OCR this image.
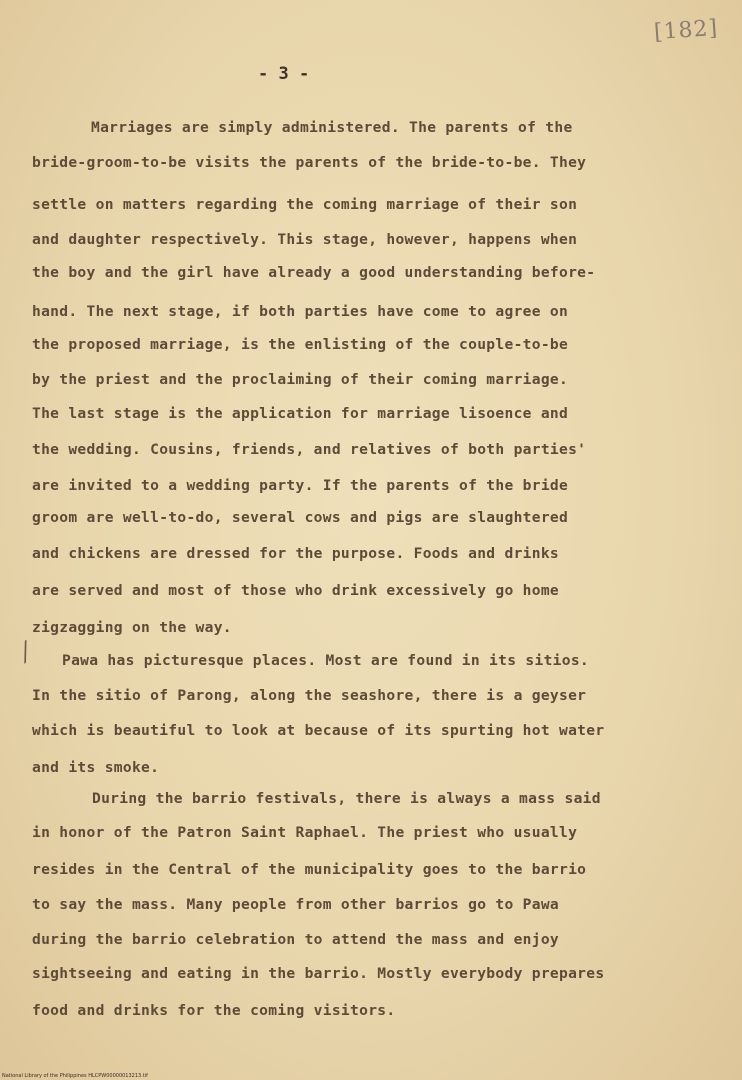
[182]
- 3 -
⁄
Marriages are simply administered. The parents of the
bride-groom-to-be visits the parents of the bride-to-be. They
settle on matters regarding the coming marriage of their son
and daughter respectively. This stage, however, happens when
the boy and the girl have already a good understanding before-
hand. The next stage, if both parties have come to agree on
the proposed marriage, is the enlisting of the couple-to-be
by the priest and the proclaiming of their coming marriage.
The last stage is the application for marriage lisoence and
the wedding. Cousins, friends, and relatives of both parties'
are invited to a wedding party. If the parents of the bride
groom are well-to-do, several cows and pigs are slaughtered
and chickens are dressed for the purpose. Foods and drinks
are served and most of those who drink excessively go home
zigzagging on the way.
Pawa has picturesque places. Most are found in its sitios.
In the sitio of Parong, along the seashore, there is a geyser
which is beautiful to look at because of its spurting hot water
and its smoke.
During the barrio festivals, there is always a mass said
in honor of the Patron Saint Raphael. The priest who usually
resides in the Central of the municipality goes to the barrio
to say the mass. Many people from other barrios go to Pawa
during the barrio celebration to attend the mass and enjoy
sightseeing and eating in the barrio. Mostly everybody prepares
food and drinks for the coming visitors.
National Library of the Philippines HLCPW00000013213.tif
